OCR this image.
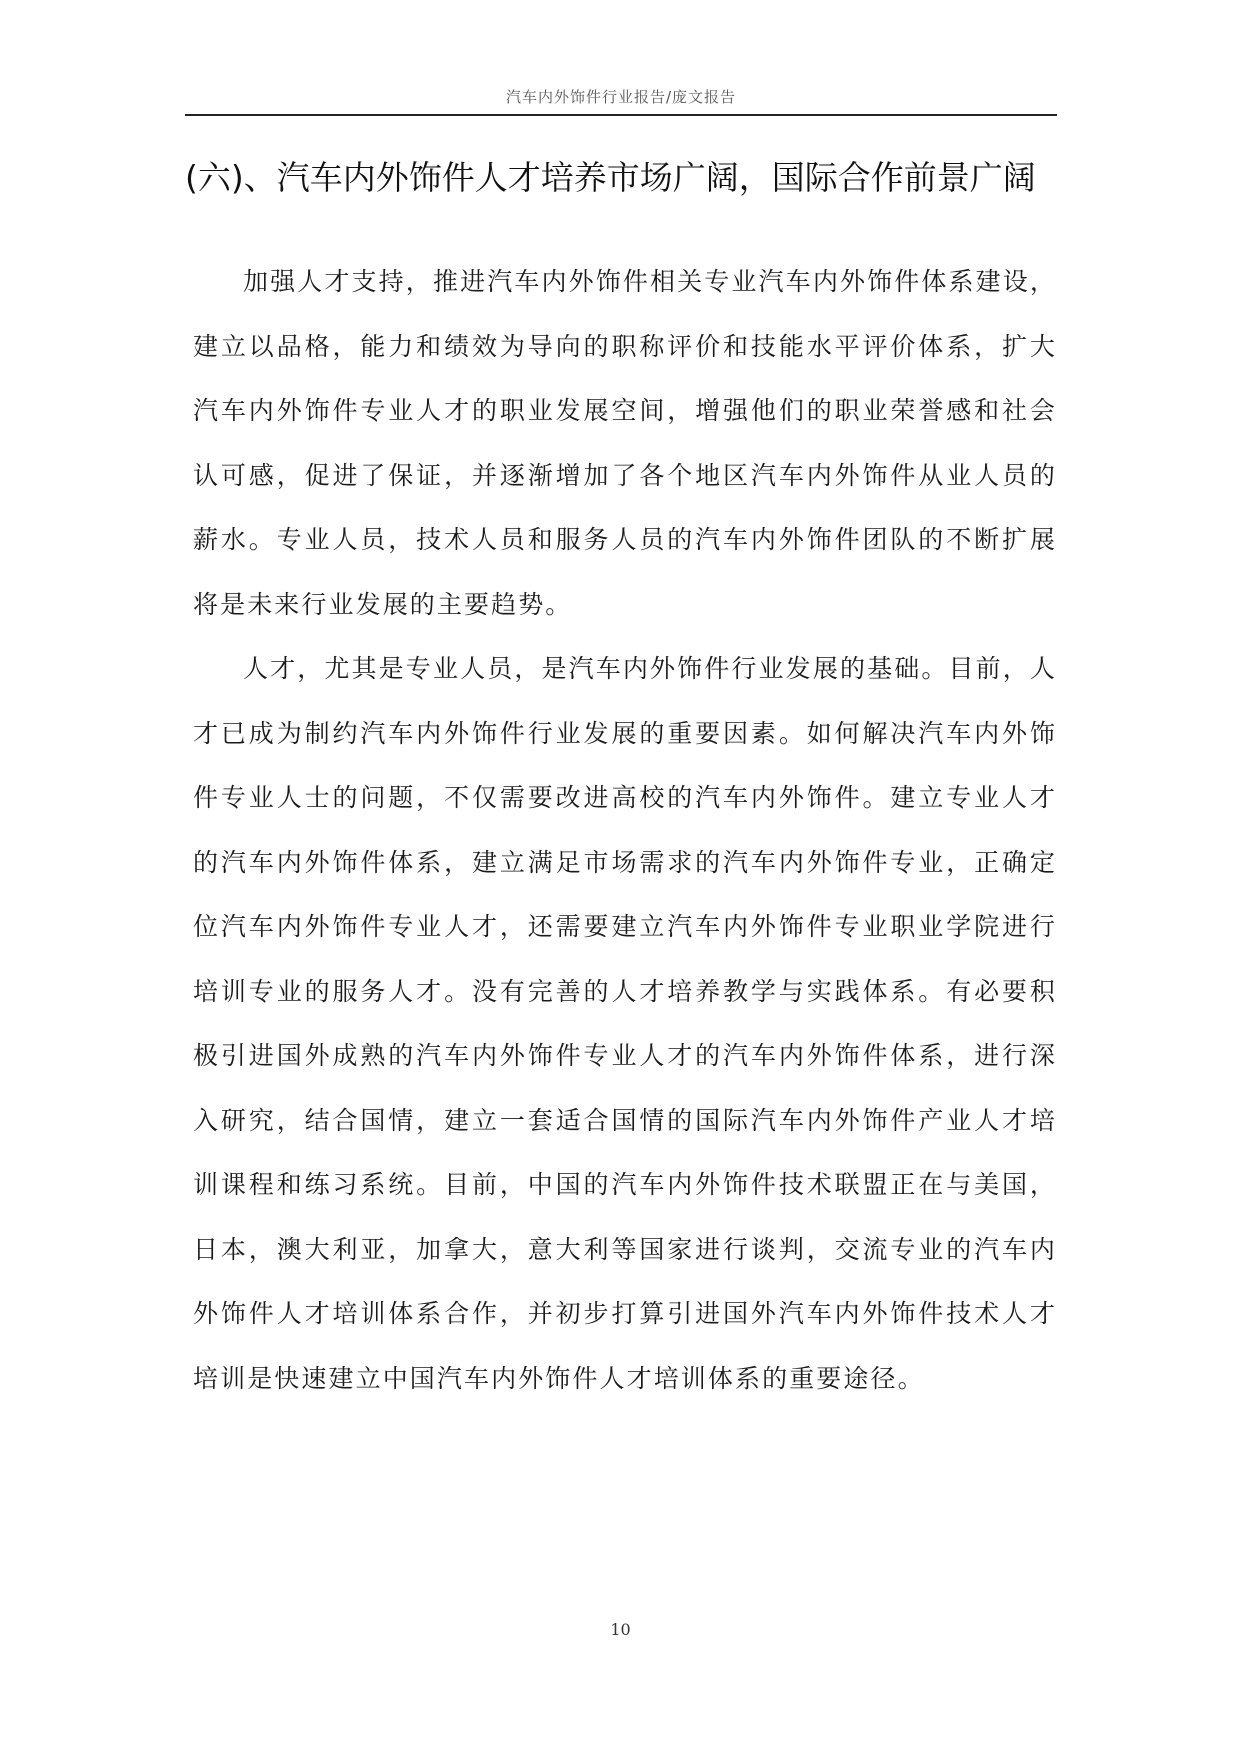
汽车内外饰件行业报告/庞文报告
(六)、汽车内外饰件人才培养市场广阔，国际合作前景广阔

加强人才支持，推进汽车内外饰件相关专业汽车内外饰件体系建设，建立以品格，能力和绩效为导向的职称评价和技能水平评价体系，扩大汽车内外饰件专业人才的职业发展空间，增强他们的职业荣誉感和社会认可感，促进了保证，并逐渐增加了各个地区汽车内外饰件从业人员的薪水。专业人员，技术人员和服务人员的汽车内外饰件团队的不断扩展将是未来行业发展的主要趋势。

人才，尤其是专业人员，是汽车内外饰件行业发展的基础。目前，人才已成为制约汽车内外饰件行业发展的重要因素。如何解决汽车内外饰件专业人士的问题，不仅需要改进高校的汽车内外饰件。建立专业人才的汽车内外饰件体系，建立满足市场需求的汽车内外饰件专业，正确定位汽车内外饰件专业人才，还需要建立汽车内外饰件专业职业学院进行培训专业的服务人才。没有完善的人才培养教学与实践体系。有必要积极引进国外成熟的汽车内外饰件专业人才的汽车内外饰件体系，进行深入研究，结合国情，建立一套适合国情的国际汽车内外饰件产业人才培训课程和练习系统。目前，中国的汽车内外饰件技术联盟正在与美国，日本，澳大利亚，加拿大，意大利等国家进行谈判，交流专业的汽车内外饰件人才培训体系合作，并初步打算引进国外汽车内外饰件技术人才培训是快速建立中国汽车内外饰件人才培训体系的重要途径。

10
